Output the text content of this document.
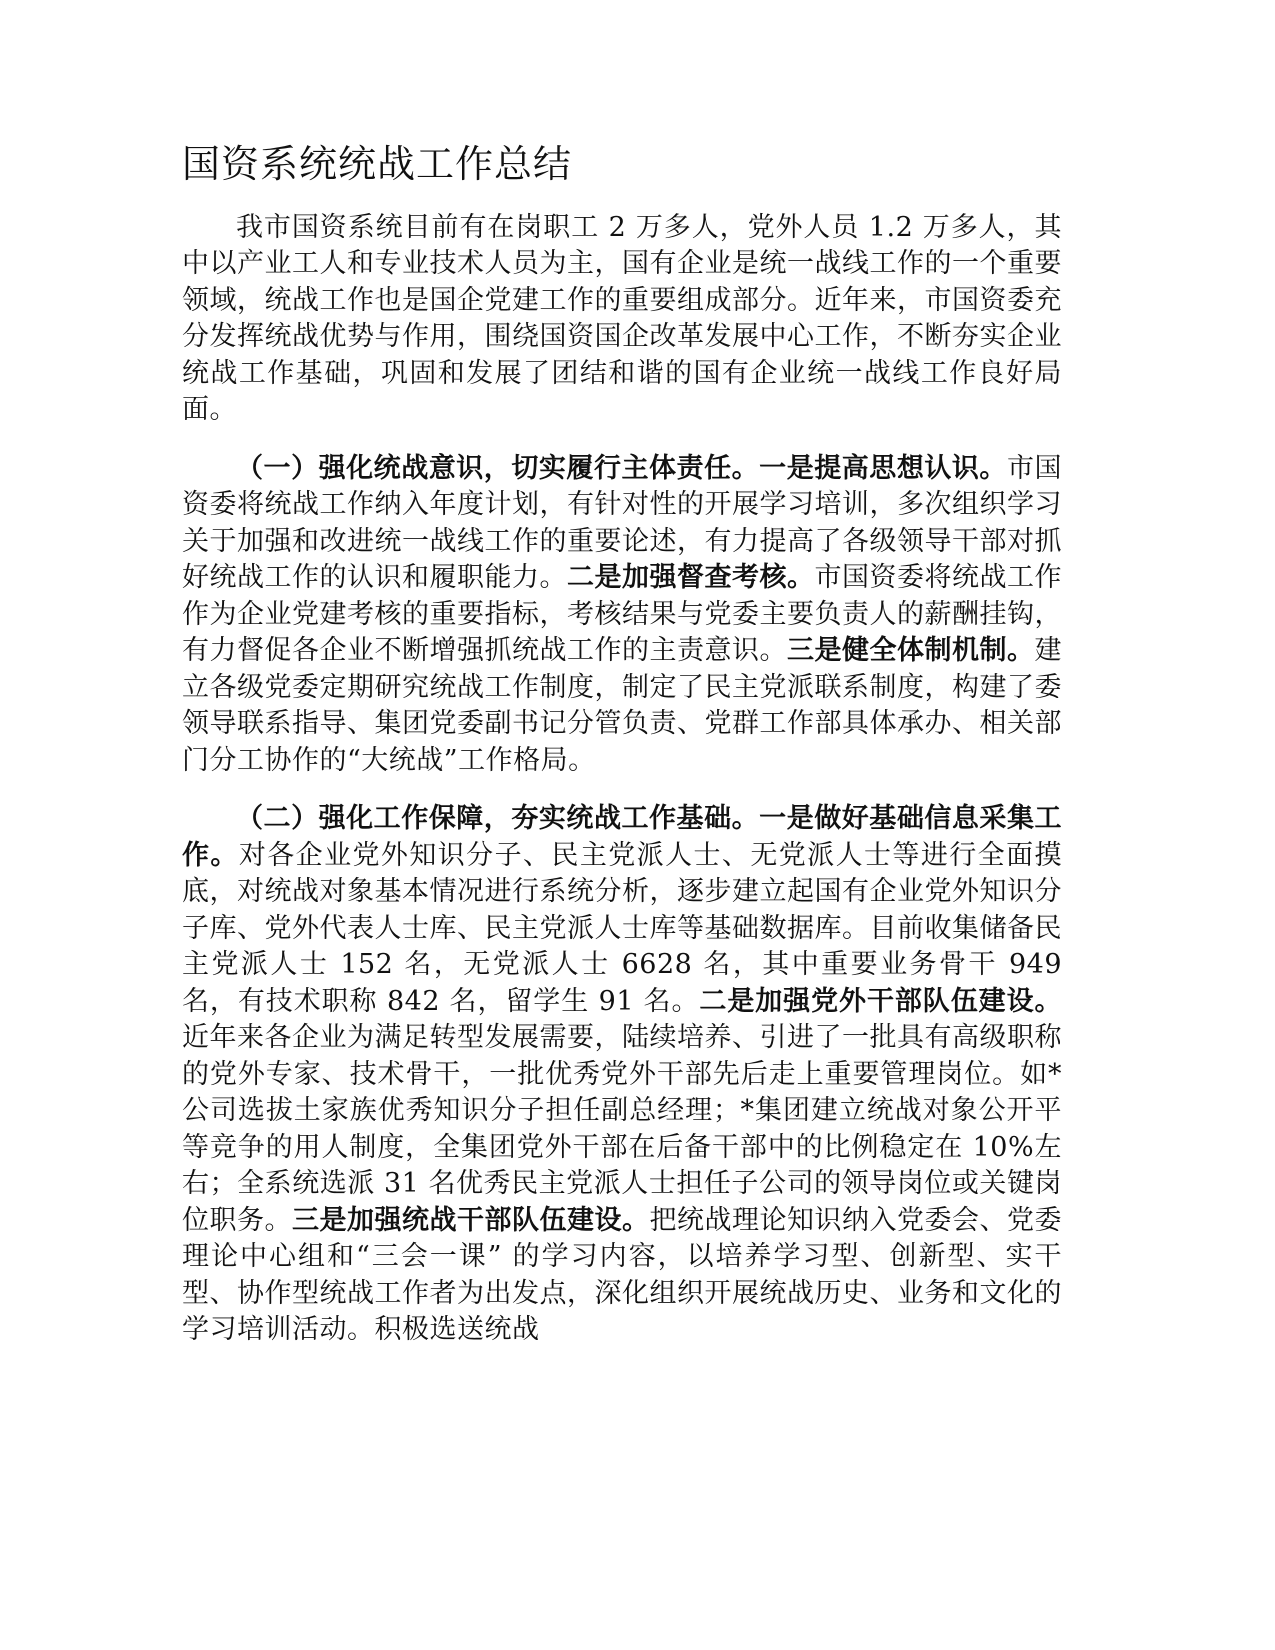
国资系统统战工作总结

我市国资系统目前有在岗职工 2 万多人，党外人员 1.2 万多人，其中以产业工人和专业技术人员为主，国有企业是统一战线工作的一个重要领域，统战工作也是国企党建工作的重要组成部分。近年来，市国资委充分发挥统战优势与作用，围绕国资国企改革发展中心工作，不断夯实企业统战工作基础，巩固和发展了团结和谐的国有企业统一战线工作良好局面。

（一）强化统战意识，切实履行主体责任。一是提高思想认识。市国资委将统战工作纳入年度计划，有针对性的开展学习培训，多次组织学习关于加强和改进统一战线工作的重要论述，有力提高了各级领导干部对抓好统战工作的认识和履职能力。二是加强督查考核。市国资委将统战工作作为企业党建考核的重要指标，考核结果与党委主要负责人的薪酬挂钩，有力督促各企业不断增强抓统战工作的主责意识。三是健全体制机制。建立各级党委定期研究统战工作制度，制定了民主党派联系制度，构建了委领导联系指导、集团党委副书记分管负责、党群工作部具体承办、相关部门分工协作的“大统战”工作格局。

（二）强化工作保障，夯实统战工作基础。一是做好基础信息采集工作。对各企业党外知识分子、民主党派人士、无党派人士等进行全面摸底，对统战对象基本情况进行系统分析，逐步建立起国有企业党外知识分子库、党外代表人士库、民主党派人士库等基础数据库。目前收集储备民主党派人士 152 名，无党派人士 6628 名，其中重要业务骨干 949 名，有技术职称 842 名，留学生 91 名。二是加强党外干部队伍建设。近年来各企业为满足转型发展需要，陆续培养、引进了一批具有高级职称的党外专家、技术骨干，一批优秀党外干部先后走上重要管理岗位。如*公司选拔土家族优秀知识分子担任副总经理；*集团建立统战对象公开平等竞争的用人制度，全集团党外干部在后备干部中的比例稳定在 10%左右；全系统选派 31 名优秀民主党派人士担任子公司的领导岗位或关键岗位职务。三是加强统战干部队伍建设。把统战理论知识纳入党委会、党委理论中心组和“三会一课” 的学习内容，以培养学习型、创新型、实干型、协作型统战工作者为出发点，深化组织开展统战历史、业务和文化的学习培训活动。积极选送统战
